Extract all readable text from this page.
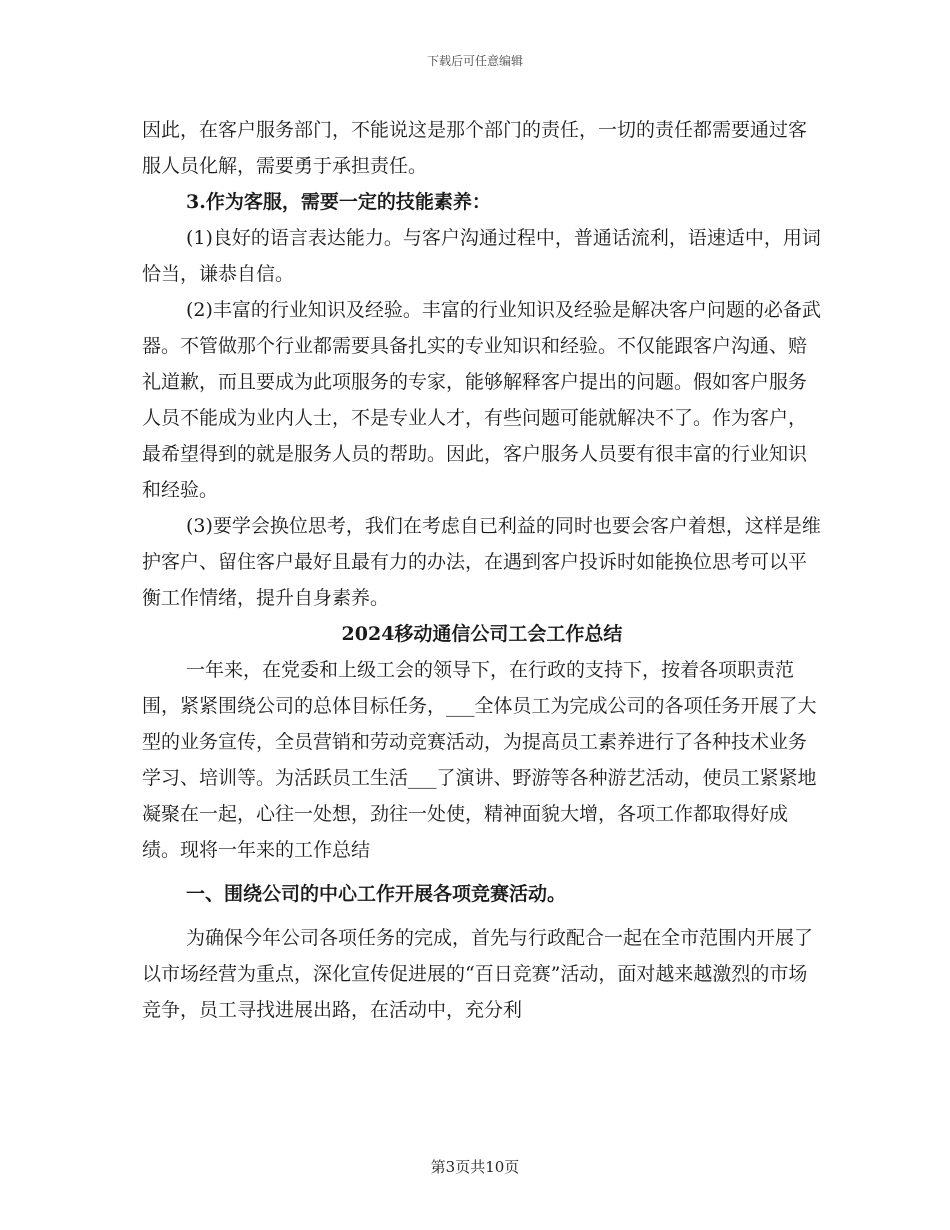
下载后可任意编辑

因此，在客户服务部门，不能说这是那个部门的责任，一切的责任都需要通过客服人员化解，需要勇于承担责任。

3.作为客服，需要一定的技能素养：

(1)良好的语言表达能力。与客户沟通过程中，普通话流利，语速适中，用词恰当，谦恭自信。

(2)丰富的行业知识及经验。丰富的行业知识及经验是解决客户问题的必备武器。不管做那个行业都需要具备扎实的专业知识和经验。不仅能跟客户沟通、赔礼道歉，而且要成为此项服务的专家，能够解释客户提出的问题。假如客户服务人员不能成为业内人士，不是专业人才，有些问题可能就解决不了。作为客户，最希望得到的就是服务人员的帮助。因此，客户服务人员要有很丰富的行业知识和经验。

(3)要学会换位思考，我们在考虑自已利益的同时也要会客户着想，这样是维护客户、留住客户最好且最有力的办法，在遇到客户投诉时如能换位思考可以平衡工作情绪，提升自身素养。

2024移动通信公司工会工作总结

一年来，在党委和上级工会的领导下，在行政的支持下，按着各项职责范围，紧紧围绕公司的总体目标任务，___全体员工为完成公司的各项任务开展了大型的业务宣传，全员营销和劳动竞赛活动，为提高员工素养进行了各种技术业务学习、培训等。为活跃员工生活___了演讲、野游等各种游艺活动，使员工紧紧地凝聚在一起，心往一处想，劲往一处使，精神面貌大增，各项工作都取得好成绩。现将一年来的工作总结

一、围绕公司的中心工作开展各项竞赛活动。

为确保今年公司各项任务的完成，首先与行政配合一起在全市范围内开展了以市场经营为重点，深化宣传促进展的“百日竞赛”活动，面对越来越激烈的市场竞争，员工寻找进展出路，在活动中，充分利

第3页共10页
